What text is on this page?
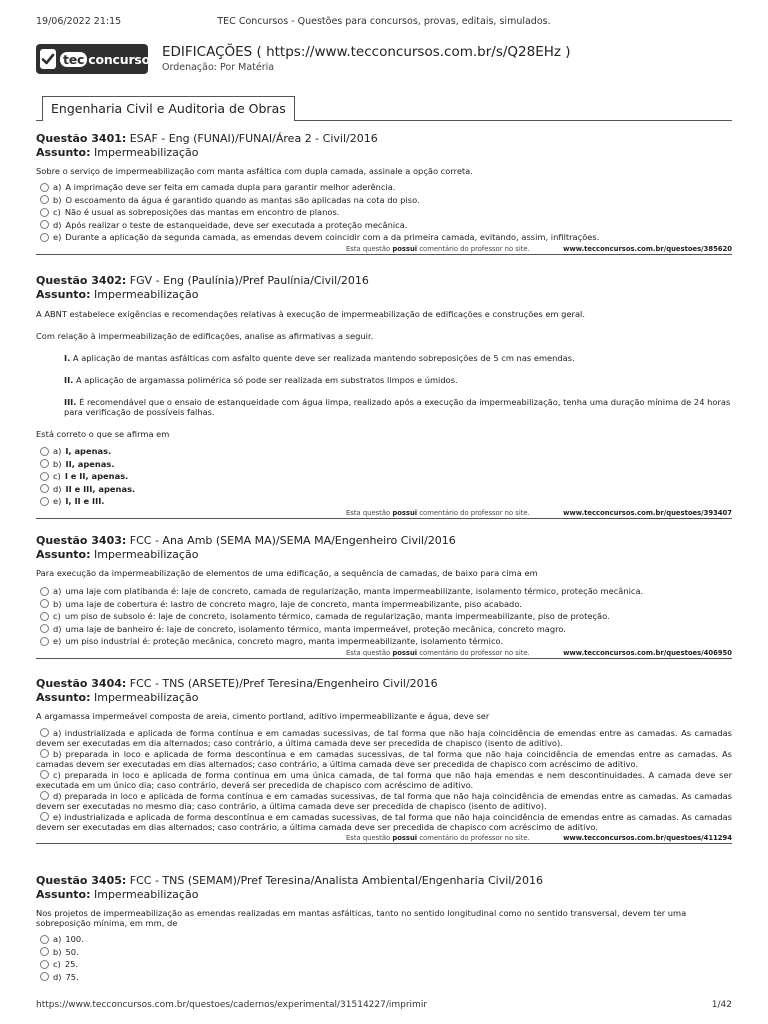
19/06/2022 21:15	TEC Concursos - Questões para concursos, provas, editais, simulados.
tec concursos EDIFICAÇÕES ( https://www.tecconcursos.com.br/s/Q28EHz )
Ordenação: Por Matéria
Engenharia Civil e Auditoria de Obras
Questão 3401: ESAF - Eng (FUNAI)/FUNAI/Área 2 - Civil/2016
Assunto: Impermeabilização
Sobre o serviço de impermeabilização com manta asfáltica com dupla camada, assinale a opção correta.
a) A imprimação deve ser feita em camada dupla para garantir melhor aderência.
b) O escoamento da água é garantido quando as mantas são aplicadas na cota do piso.
c) Não é usual as sobreposições das mantas em encontro de planos.
d) Após realizar o teste de estanqueidade, deve ser executada a proteção mecânica.
e) Durante a aplicação da segunda camada, as emendas devem coincidir com a da primeira camada, evitando, assim, infiltrações.
Esta questão possui comentário do professor no site.	www.tecconcursos.com.br/questoes/385620
Questão 3402: FGV - Eng (Paulínia)/Pref Paulínia/Civil/2016
Assunto: Impermeabilização
A ABNT estabelece exigências e recomendações relativas à execução de impermeabilização de edificações e construções em geral.
Com relação à impermeabilização de edificações, analise as afirmativas a seguir.
I. A aplicação de mantas asfálticas com asfalto quente deve ser realizada mantendo sobreposições de 5 cm nas emendas.
II. A aplicação de argamassa polimérica só pode ser realizada em substratos limpos e úmidos.
III. É recomendável que o ensaio de estanqueidade com água limpa, realizado após a execução da impermeabilização, tenha uma duração mínima de 24 horas para verificação de possíveis falhas.
Está correto o que se afirma em
a) I, apenas.
b) II, apenas.
c) I e II, apenas.
d) II e III, apenas.
e) I, II e III.
Esta questão possui comentário do professor no site.	www.tecconcursos.com.br/questoes/393407
Questão 3403: FCC - Ana Amb (SEMA MA)/SEMA MA/Engenheiro Civil/2016
Assunto: Impermeabilização
Para execução da impermeabilização de elementos de uma edificação, a sequência de camadas, de baixo para cima em
a) uma laje com platibanda é: laje de concreto, camada de regularização, manta impermeabilizante, isolamento térmico, proteção mecânica.
b) uma laje de cobertura é: lastro de concreto magro, laje de concreto, manta impermeabilizante, piso acabado.
c) um piso de subsolo é: laje de concreto, isolamento térmico, camada de regularização, manta impermeabilizante, piso de proteção.
d) uma laje de banheiro é: laje de concreto, isolamento térmico, manta impermeável, proteção mecânica, concreto magro.
e) um piso industrial é: proteção mecânica, concreto magro, manta impermeabilizante, isolamento térmico.
Esta questão possui comentário do professor no site.	www.tecconcursos.com.br/questoes/406950
Questão 3404: FCC - TNS (ARSETE)/Pref Teresina/Engenheiro Civil/2016
Assunto: Impermeabilização
A argamassa impermeável composta de areia, cimento portland, aditivo impermeabilizante e água, deve ser
a) industrializada e aplicada de forma contínua e em camadas sucessivas, de tal forma que não haja coincidência de emendas entre as camadas. As camadas devem ser executadas em dia alternados; caso contrário, a última camada deve ser precedida de chapisco (isento de aditivo).
b) preparada in loco e aplicada de forma descontínua e em camadas sucessivas, de tal forma que não haja coincidência de emendas entre as camadas. As camadas devem ser executadas em dias alternados; caso contrário, a última camada deve ser precedida de chapisco com acréscimo de aditivo.
c) preparada in loco e aplicada de forma contínua em uma única camada, de tal forma que não haja emendas e nem descontinuidades. A camada deve ser executada em um único dia; caso contrário, deverá ser precedida de chapisco com acréscimo de aditivo.
d) preparada in loco e aplicada de forma contínua e em camadas sucessivas, de tal forma que não haja coincidência de emendas entre as camadas. As camadas devem ser executadas no mesmo dia; caso contrário, a última camada deve ser precedida de chapisco (isento de aditivo).
e) industrializada e aplicada de forma descontínua e em camadas sucessivas, de tal forma que não haja coincidência de emendas entre as camadas. As camadas devem ser executadas em dias alternados; caso contrário, a última camada deve ser precedida de chapisco com acréscimo de aditivo.
Esta questão possui comentário do professor no site.	www.tecconcursos.com.br/questoes/411294
Questão 3405: FCC - TNS (SEMAM)/Pref Teresina/Analista Ambiental/Engenharia Civil/2016
Assunto: Impermeabilização
Nos projetos de impermeabilização as emendas realizadas em mantas asfálticas, tanto no sentido longitudinal como no sentido transversal, devem ter uma sobreposição mínima, em mm, de
a) 100.
b) 50.
c) 25.
d) 75.
https://www.tecconcursos.com.br/questoes/cadernos/experimental/31514227/imprimir	1/42
